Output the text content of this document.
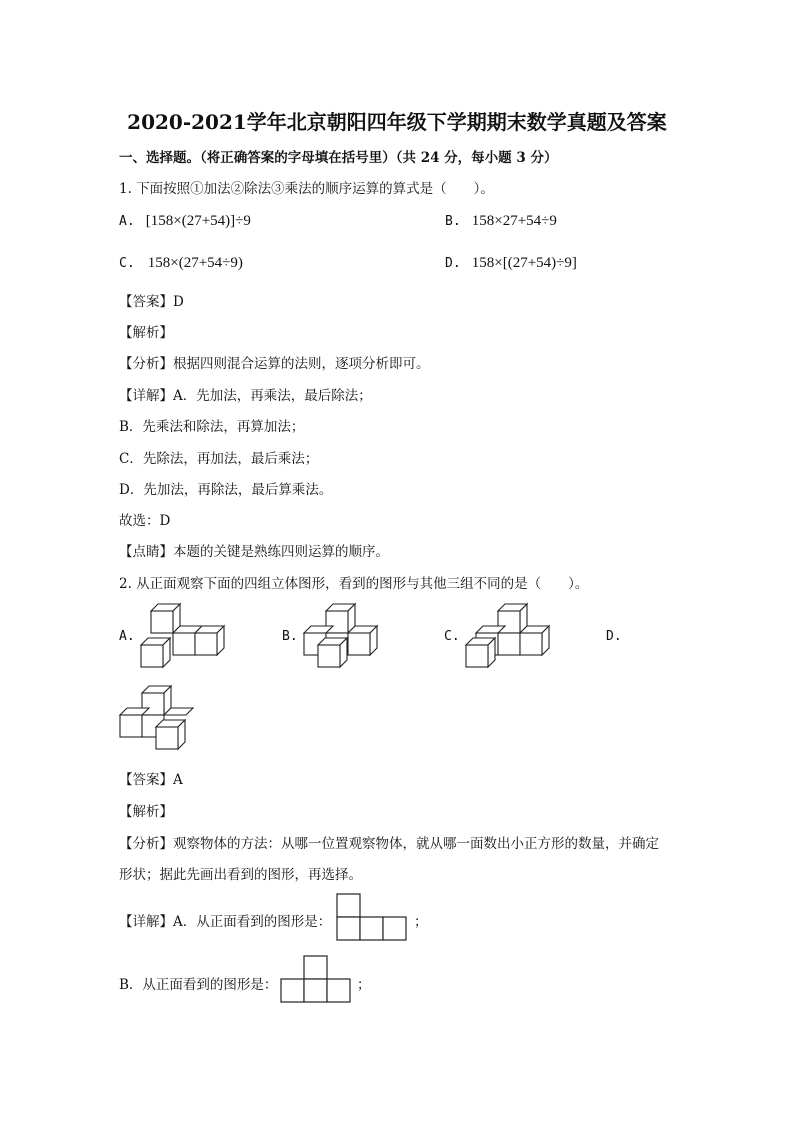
2020-2021学年北京朝阳四年级下学期期末数学真题及答案
一、选择题。（将正确答案的字母填在括号里）（共 24 分，每小题 3 分）
1. 下面按照①加法②除法③乘法的顺序运算的算式是（　　）。
A. [158×(27+54)]÷9	B. 158×27+54÷9
C. 158×(27+54÷9)	D. 158×[(27+54)÷9]
【答案】D
【解析】
【分析】根据四则混合运算的法则，逐项分析即可。
【详解】A．先加法，再乘法，最后除法；
B．先乘法和除法，再算加法；
C．先除法，再加法，最后乘法；
D．先加法，再除法，最后算乘法。
故选：D
【点睛】本题的关键是熟练四则运算的顺序。
2. 从正面观察下面的四组立体图形，看到的图形与其他三组不同的是（　　）。
A.	B.	C.	D.
【答案】A
【解析】
【分析】观察物体的方法：从哪一位置观察物体，就从哪一面数出小正方形的数量，并确定
形状；据此先画出看到的图形，再选择。
【详解】A．从正面看到的图形是：	；
B．从正面看到的图形是：	；
